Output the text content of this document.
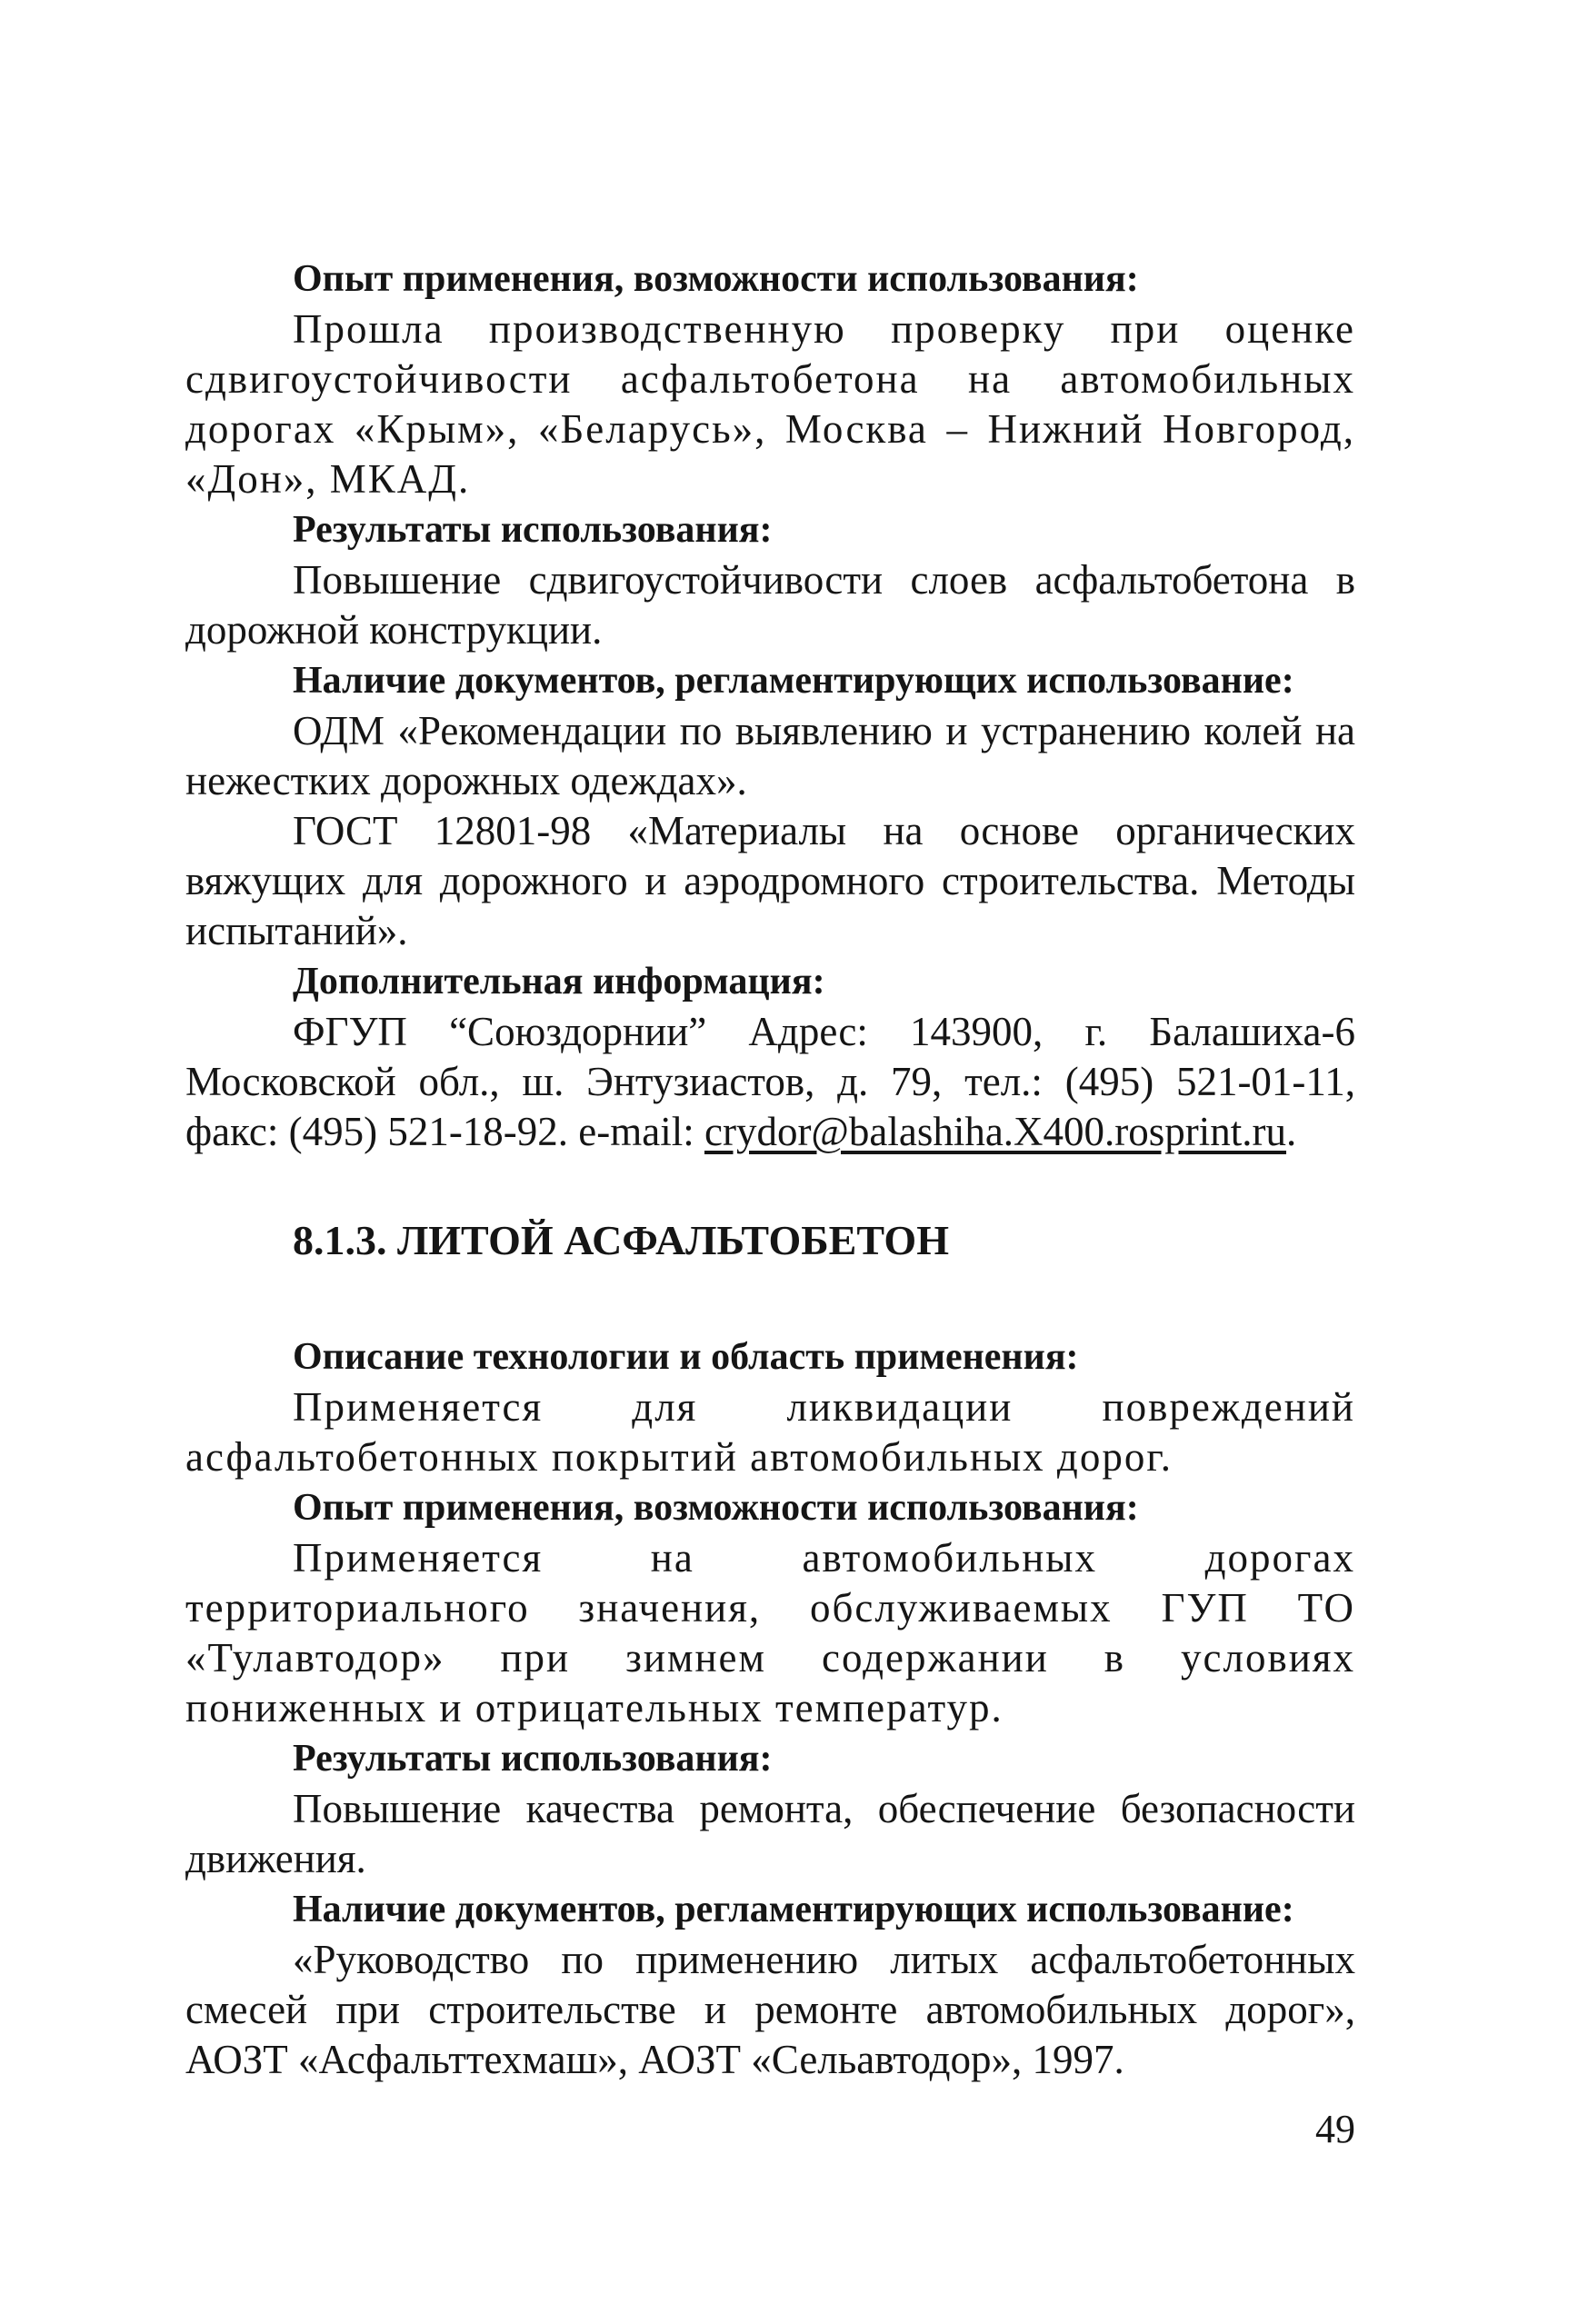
Опыт применения, возможности использования:

Прошла производственную проверку при оценке сдвигоустойчивости асфальтобетона на автомобильных дорогах «Крым», «Беларусь», Москва – Нижний Новгород, «Дон», МКАД.

Результаты использования:

Повышение сдвигоустойчивости слоев асфальтобетона в дорожной конструкции.

Наличие документов, регламентирующих использование:

ОДМ «Рекомендации по выявлению и устранению колей на нежестких дорожных одеждах».

ГОСТ 12801-98 «Материалы на основе органических вяжущих для дорожного и аэродромного строительства. Методы испытаний».

Дополнительная информация:

ФГУП “Союздорнии” Адрес: 143900, г. Балашиха-6 Московской обл., ш. Энтузиастов, д. 79, тел.: (495) 521-01-11, факс: (495) 521-18-92. e-mail: crydor@balashiha.X400.rosprint.ru.

8.1.3. ЛИТОЙ АСФАЛЬТОБЕТОН

Описание технологии и область применения:

Применяется для ликвидации повреждений асфальтобетонных покрытий автомобильных дорог.

Опыт применения, возможности использования:

Применяется на автомобильных дорогах территориального значения, обслуживаемых ГУП ТО «Тулавтодор» при зимнем содержании в условиях пониженных и отрицательных температур.

Результаты использования:

Повышение качества ремонта, обеспечение безопасности движения.

Наличие документов, регламентирующих использование:

«Руководство по применению литых асфальтобетонных смесей при строительстве и ремонте автомобильных дорог», АОЗТ «Асфальттехмаш», АОЗТ «Сельавтодор», 1997.

49
